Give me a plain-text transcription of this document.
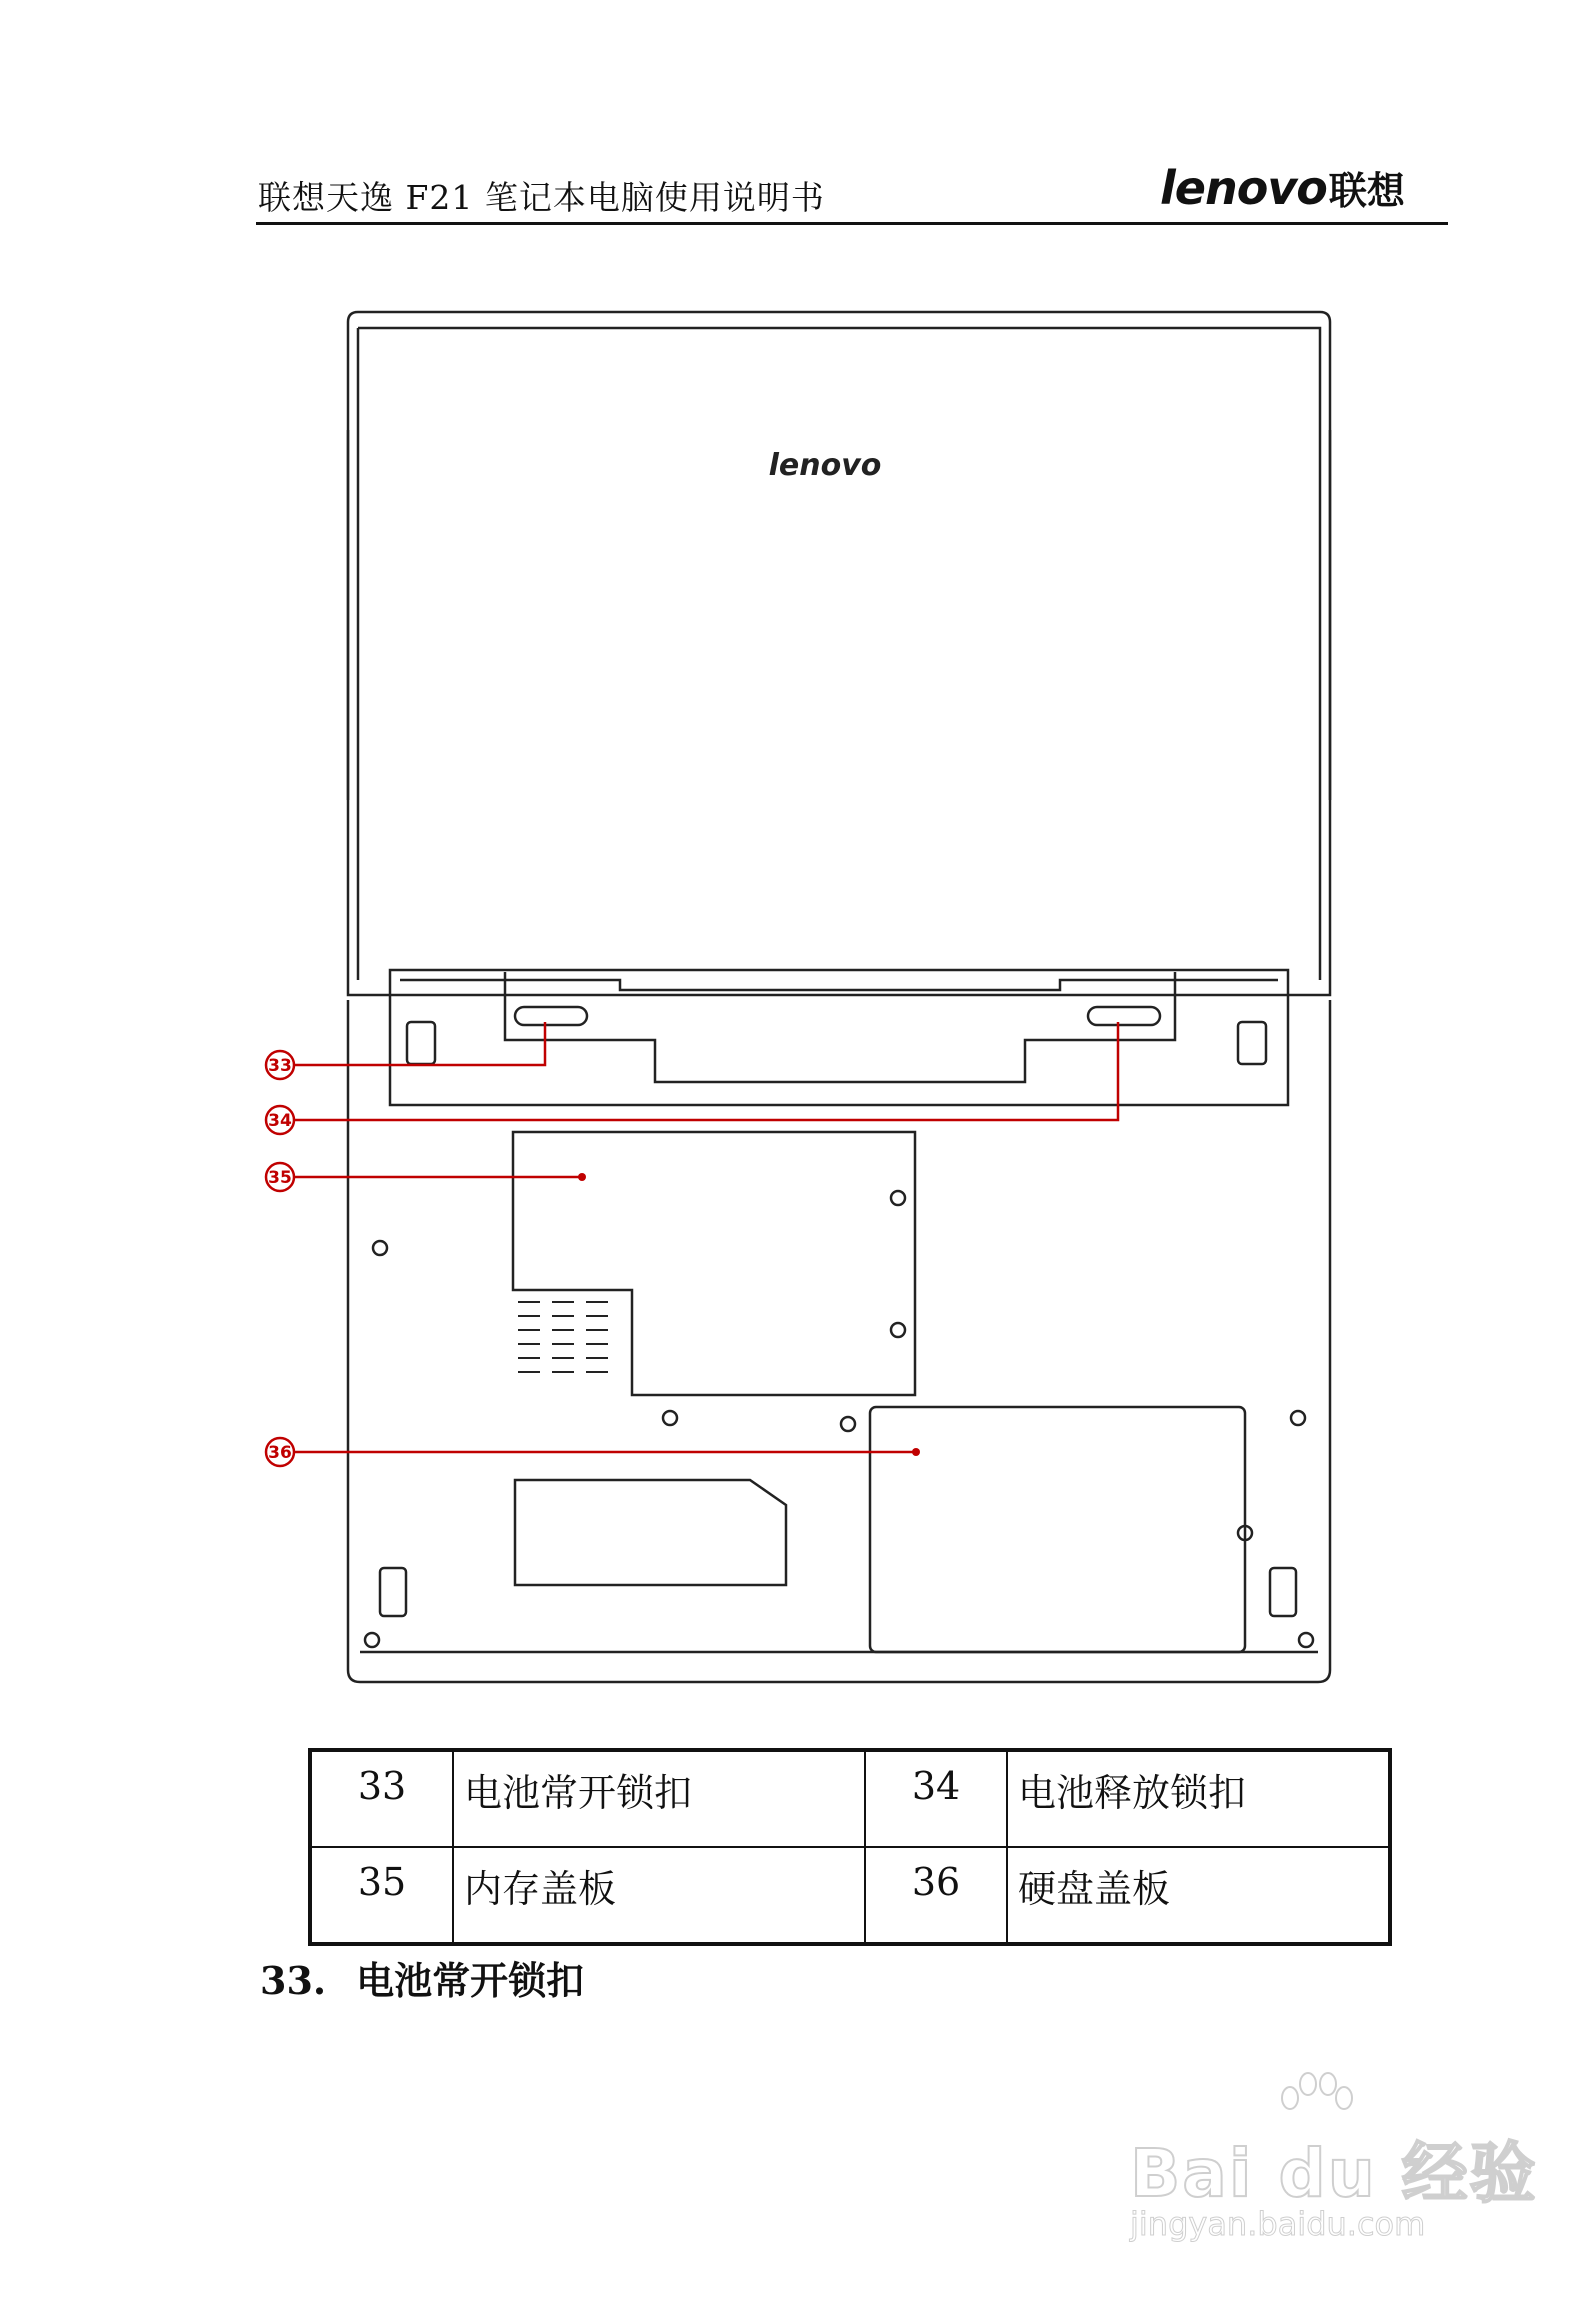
联想天逸 F21 笔记本电脑使用说明书	lenovo联想
lenovo
33
34
35
36
33	电池常开锁扣	34	电池释放锁扣
35	内存盖板	36	硬盘盖板
33. 电池常开锁扣
Bai du 经验
jingyan.baidu.com
